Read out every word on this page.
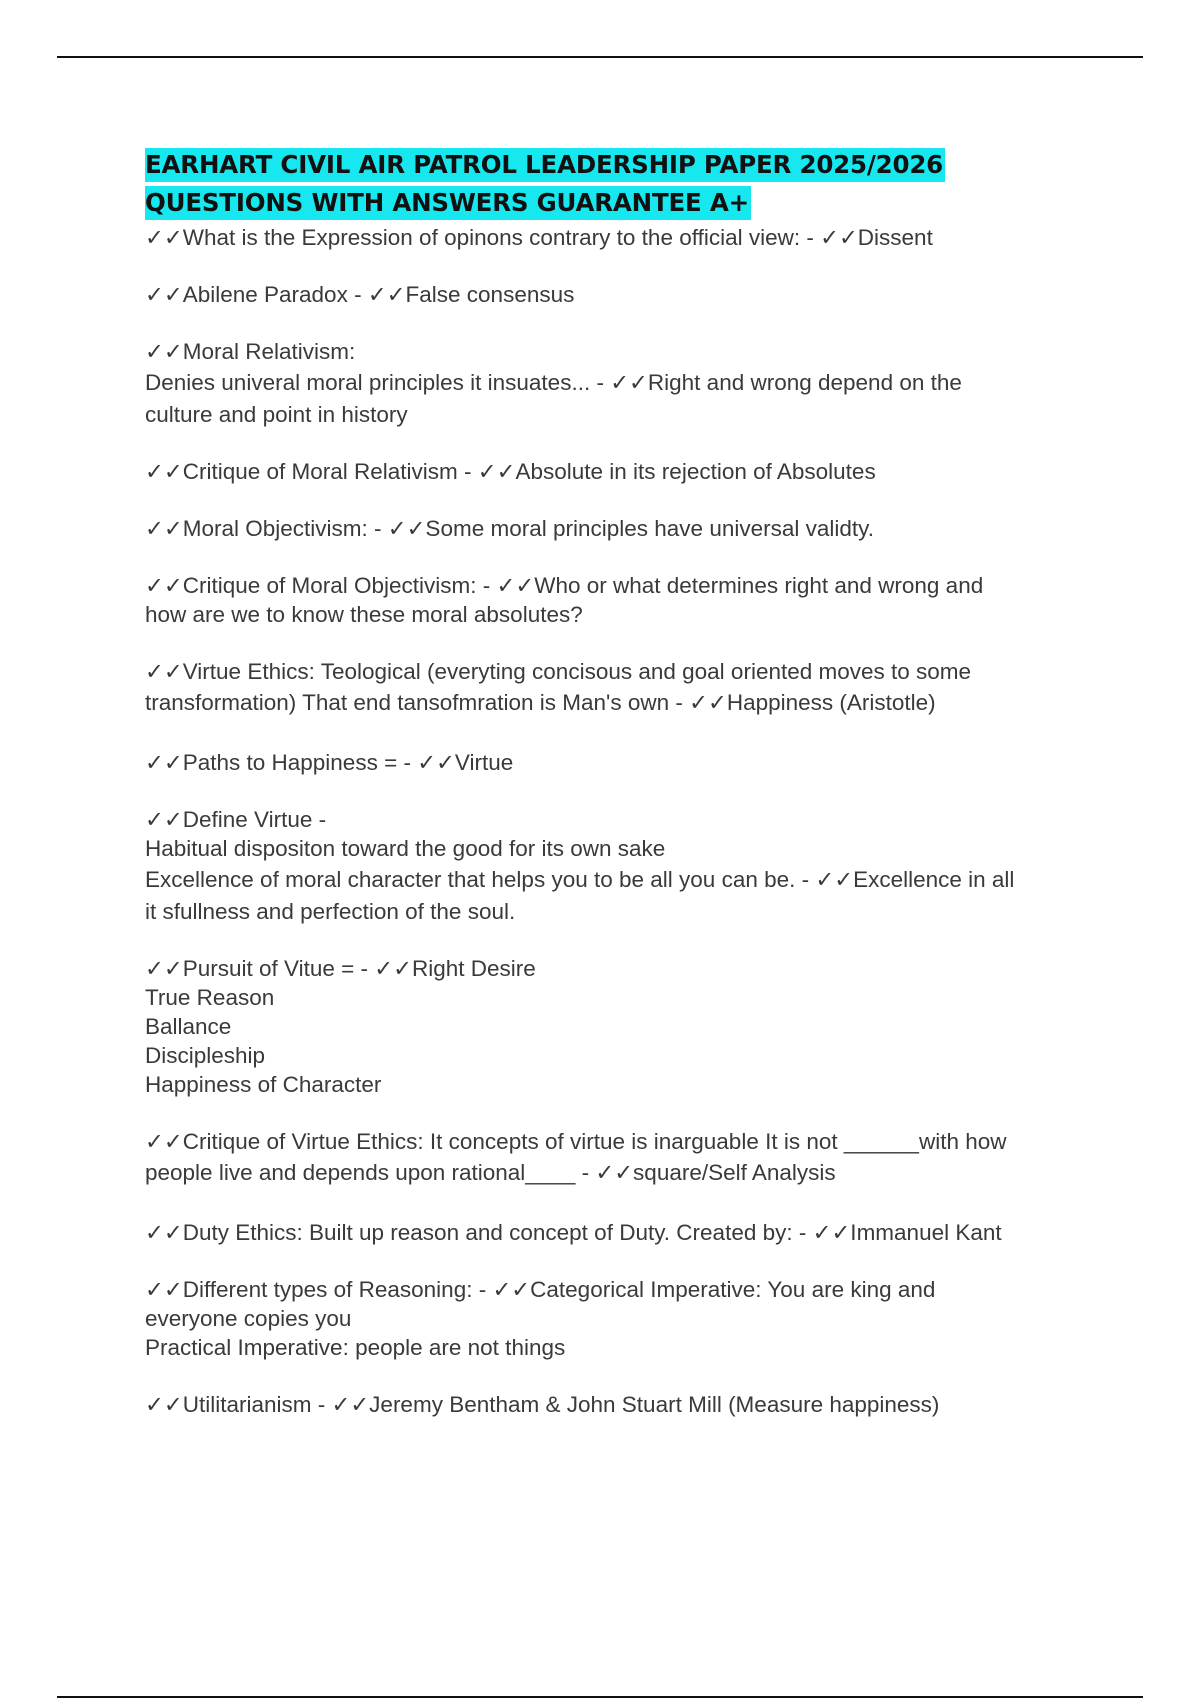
EARHART CIVIL AIR PATROL LEADERSHIP PAPER 2025/2026
QUESTIONS WITH ANSWERS GUARANTEE A+
✓✓What is the Expression of opinons contrary to the official view: - ✓✓Dissent
✓✓Abilene Paradox - ✓✓False consensus
✓✓Moral Relativism:
Denies univeral moral principles it insuates... - ✓✓Right and wrong depend on the
culture and point in history
✓✓Critique of Moral Relativism - ✓✓Absolute in its rejection of Absolutes
✓✓Moral Objectivism: - ✓✓Some moral principles have universal validty.
✓✓Critique of Moral Objectivism: - ✓✓Who or what determines right and wrong and
how are we to know these moral absolutes?
✓✓Virtue Ethics: Teological (everyting concisous and goal oriented moves to some
transformation) That end tansofmration is Man's own - ✓✓Happiness (Aristotle)
✓✓Paths to Happiness = - ✓✓Virtue
✓✓Define Virtue -
Habitual dispositon toward the good for its own sake
Excellence of moral character that helps you to be all you can be. - ✓✓Excellence in all
it sfullness and perfection of the soul.
✓✓Pursuit of Vitue = - ✓✓Right Desire
True Reason
Ballance
Discipleship
Happiness of Character
✓✓Critique of Virtue Ethics: It concepts of virtue is inarguable It is not ______with how
people live and depends upon rational____ - ✓✓square/Self Analysis
✓✓Duty Ethics: Built up reason and concept of Duty. Created by: - ✓✓Immanuel Kant
✓✓Different types of Reasoning: - ✓✓Categorical Imperative: You are king and
everyone copies you
Practical Imperative: people are not things
✓✓Utilitarianism - ✓✓Jeremy Bentham & John Stuart Mill (Measure happiness)
